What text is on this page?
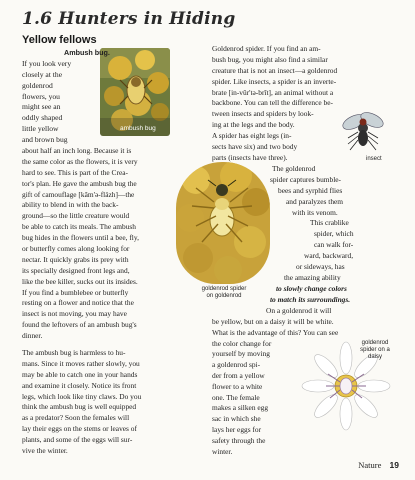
1.6 Hunters in Hiding
Yellow fellows
ambush bug
Ambush bug.
If you look very
closely at the
goldenrod
flowers, you
might see an
oddly shaped
little yellow
and brown bug
about half an inch long. Because it is
the same color as the flowers, it is very
hard to see. This is part of the Crea-
tor's plan. He gave the ambush bug the
gift of camouflage [kăm'ə-fläzh]—the
ability to blend in with the back-
ground—so the little creature would
be able to catch its meals. The ambush
bug hides in the flowers until a bee, fly,
or butterfly comes along looking for
nectar. It quickly grabs its prey with
its specially designed front legs and,
like the bee killer, sucks out its insides.
If you find a bumblebee or butterfly
resting on a flower and notice that the
insect is not moving, you may have
found the leftovers of an ambush bug's
dinner.
The ambush bug is harmless to hu-
mans. Since it moves rather slowly, you
may be able to catch one in your hands
and examine it closely. Notice its front
legs, which look like tiny claws. Do you
think the ambush bug is well equipped
as a predator? Soon the females will
lay their eggs on the stems or leaves of
plants, and some of the eggs will sur-
vive the winter.
Goldenrod spider. If you find an am-
bush bug, you might also find a similar
creature that is not an insect—a goldenrod
spider. Like insects, a spider is an inverte-
brate [in-vûr'tə-brĭt], an animal without a
backbone. You can tell the difference be-
tween insects and spiders by look-
ing at the legs and the body.
A spider has eight legs (in-
sects have six) and two body
parts (insects have three).	insect
goldenrod spider
on goldenrod
The goldenrod
spider captures bumble-
bees and syrphid flies
and paralyzes them
with its venom.
This crablike
spider, which
can walk for-
ward, backward,
or sideways, has
the amazing ability
to slowly change colors
to match its surroundings.
On a goldenrod it will
be yellow, but on a daisy it will be white.
What is the advantage of this? You can see
the color change for
yourself by moving
a goldenrod spi-
der from a yellow
flower to a white
one. The female
makes a silken egg
sac in which she
lays her eggs for
safety through the
winter.
goldenrod
spider on a
daisy
Nature 19
